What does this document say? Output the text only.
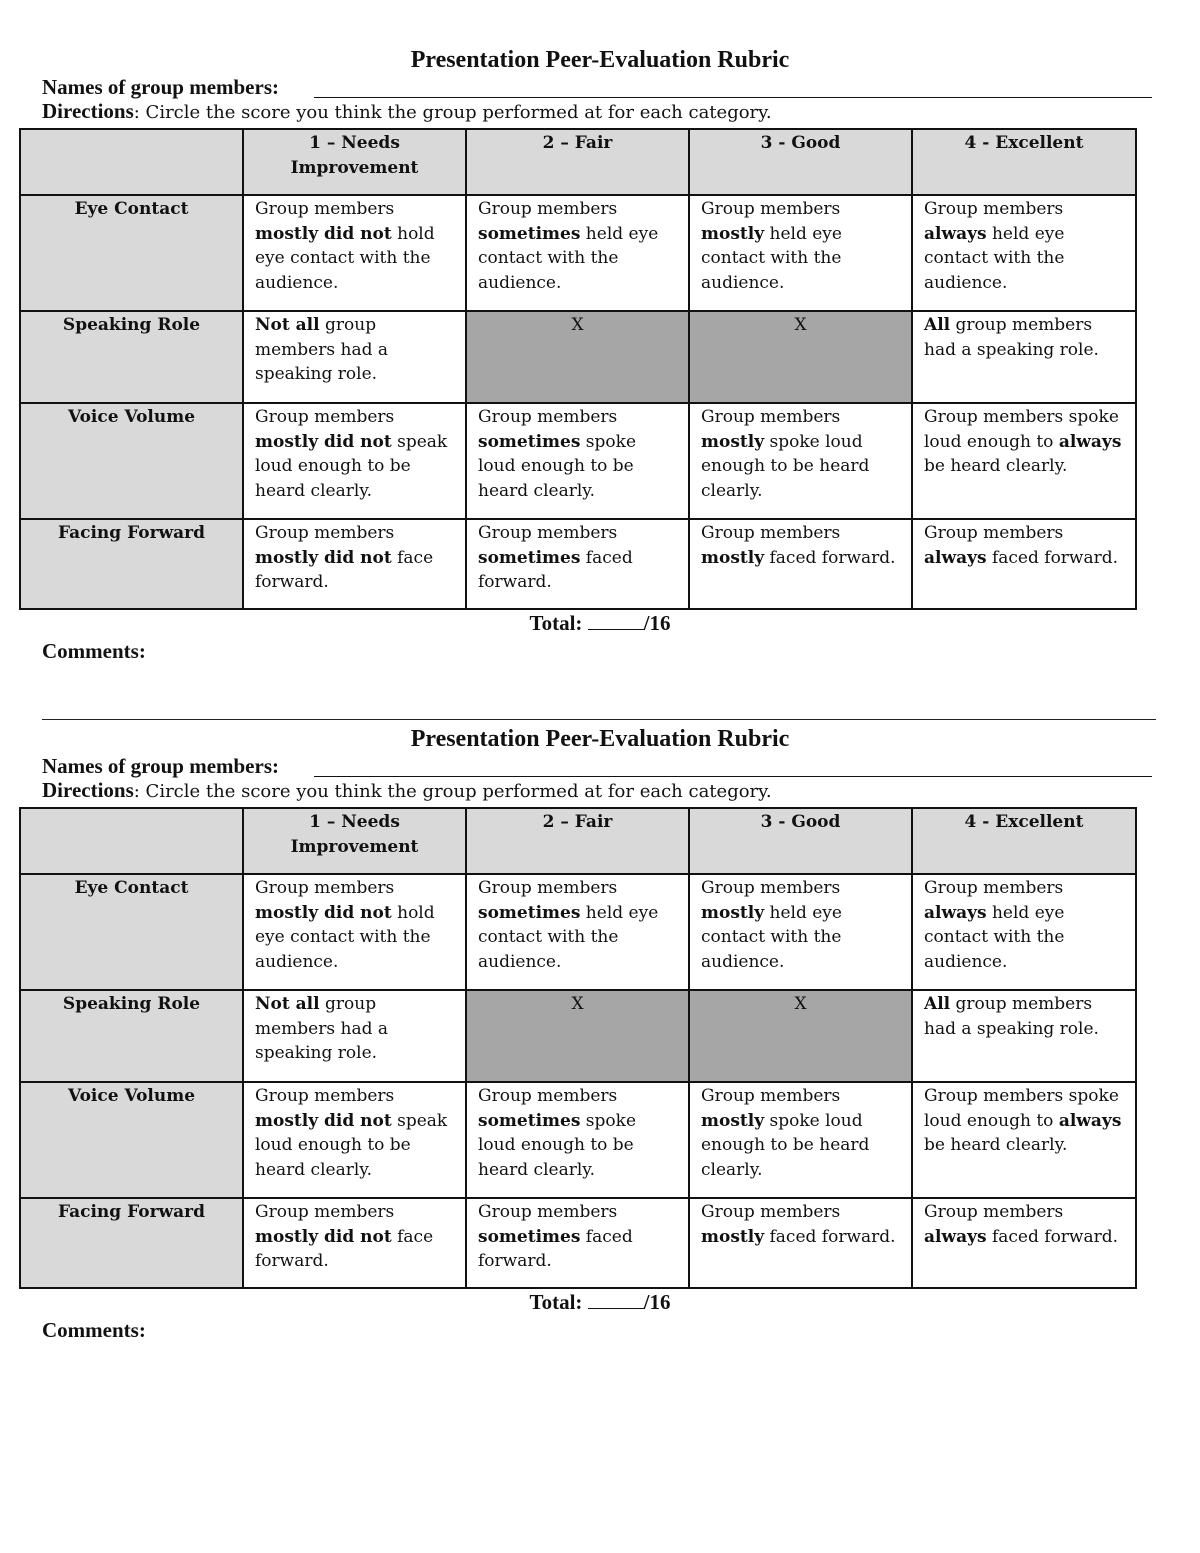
Presentation Peer-Evaluation Rubric
Names of group members:
Directions: Circle the score you think the group performed at for each category.
	1 – Needs Improvement	2 – Fair	3 - Good	4 - Excellent
Eye Contact	Group members mostly did not hold eye contact with the audience.	Group members sometimes held eye contact with the audience.	Group members mostly held eye contact with the audience.	Group members always held eye contact with the audience.
Speaking Role	Not all group members had a speaking role.	X	X	All group members had a speaking role.
Voice Volume	Group members mostly did not speak loud enough to be heard clearly.	Group members sometimes spoke loud enough to be heard clearly.	Group members mostly spoke loud enough to be heard clearly.	Group members spoke loud enough to always be heard clearly.
Facing Forward	Group members mostly did not face forward.	Group members sometimes faced forward.	Group members mostly faced forward.	Group members always faced forward.
Total:	/16
Comments:
Presentation Peer-Evaluation Rubric
Names of group members:
Directions: Circle the score you think the group performed at for each category.
	1 – Needs Improvement	2 – Fair	3 - Good	4 - Excellent
Eye Contact	Group members mostly did not hold eye contact with the audience.	Group members sometimes held eye contact with the audience.	Group members mostly held eye contact with the audience.	Group members always held eye contact with the audience.
Speaking Role	Not all group members had a speaking role.	X	X	All group members had a speaking role.
Voice Volume	Group members mostly did not speak loud enough to be heard clearly.	Group members sometimes spoke loud enough to be heard clearly.	Group members mostly spoke loud enough to be heard clearly.	Group members spoke loud enough to always be heard clearly.
Facing Forward	Group members mostly did not face forward.	Group members sometimes faced forward.	Group members mostly faced forward.	Group members always faced forward.
Total:	/16
Comments:
